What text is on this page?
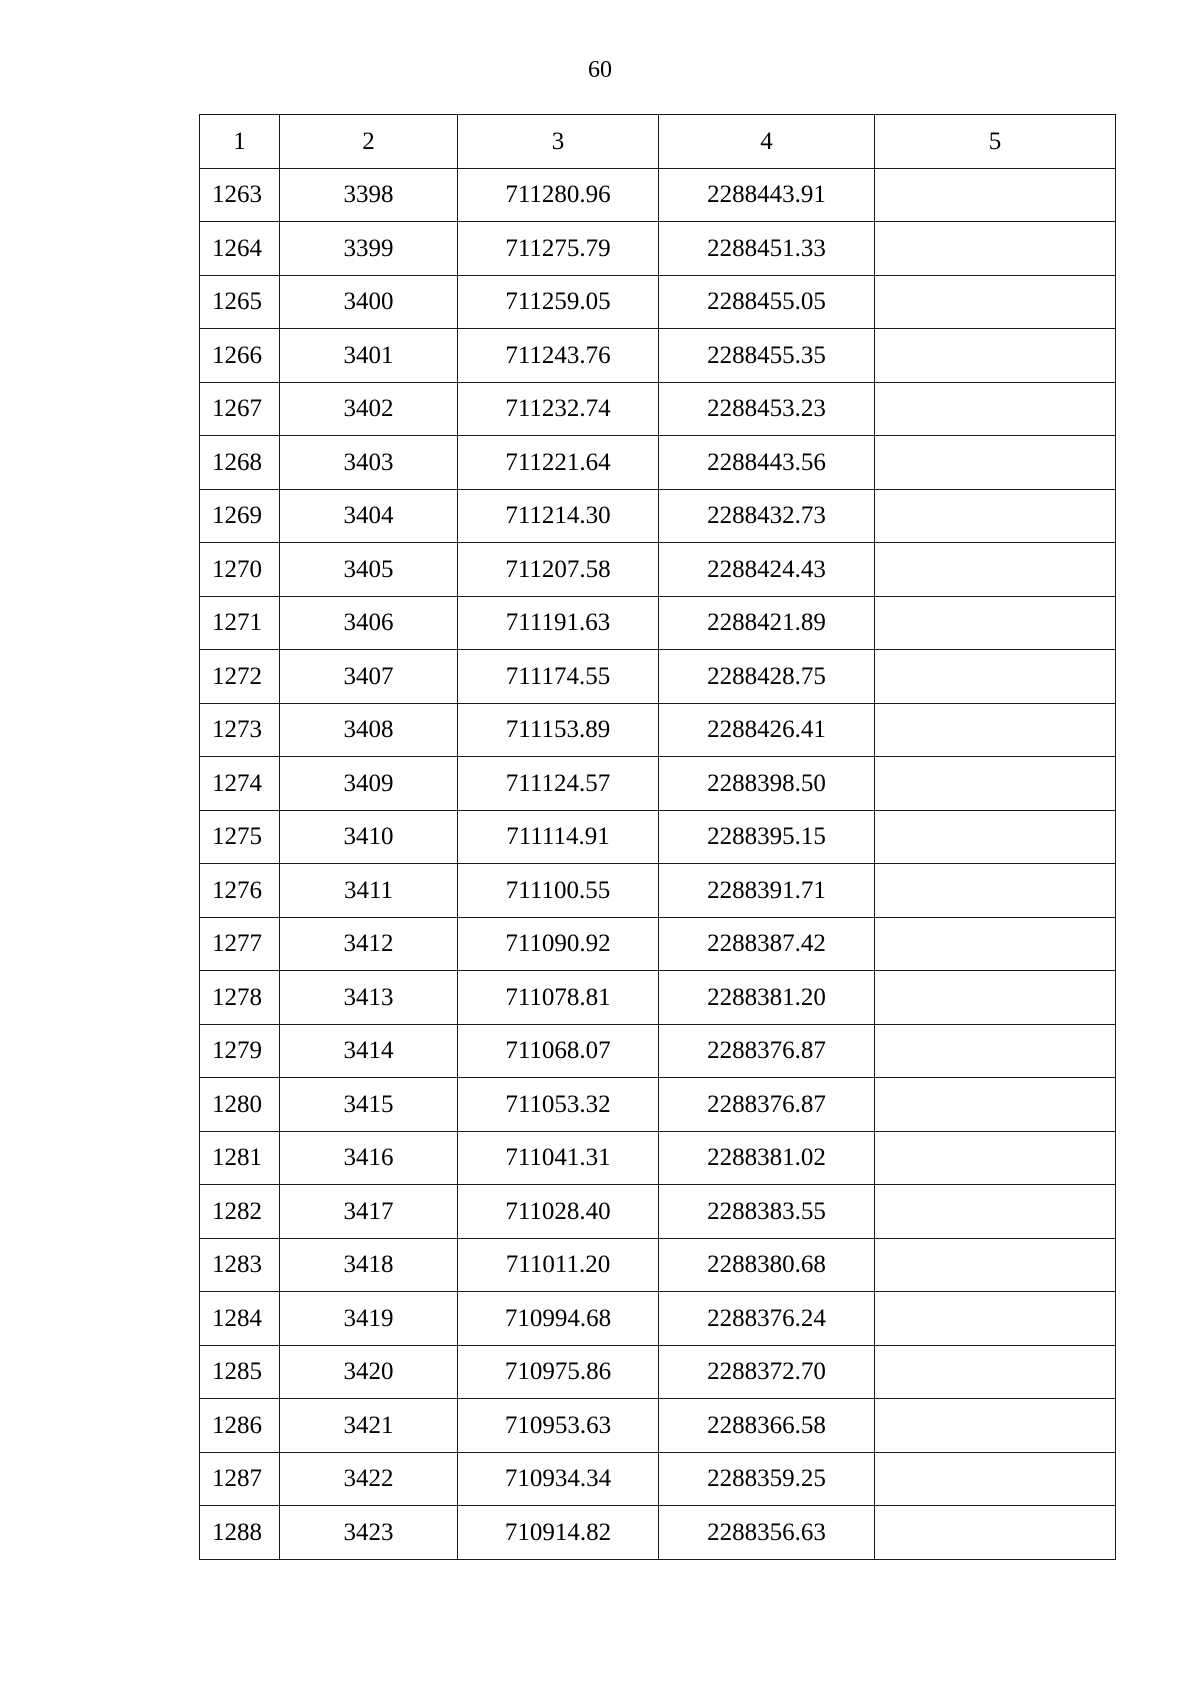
60
1	2	3	4	5
1263	3398	711280.96	2288443.91	
1264	3399	711275.79	2288451.33	
1265	3400	711259.05	2288455.05	
1266	3401	711243.76	2288455.35	
1267	3402	711232.74	2288453.23	
1268	3403	711221.64	2288443.56	
1269	3404	711214.30	2288432.73	
1270	3405	711207.58	2288424.43	
1271	3406	711191.63	2288421.89	
1272	3407	711174.55	2288428.75	
1273	3408	711153.89	2288426.41	
1274	3409	711124.57	2288398.50	
1275	3410	711114.91	2288395.15	
1276	3411	711100.55	2288391.71	
1277	3412	711090.92	2288387.42	
1278	3413	711078.81	2288381.20	
1279	3414	711068.07	2288376.87	
1280	3415	711053.32	2288376.87	
1281	3416	711041.31	2288381.02	
1282	3417	711028.40	2288383.55	
1283	3418	711011.20	2288380.68	
1284	3419	710994.68	2288376.24	
1285	3420	710975.86	2288372.70	
1286	3421	710953.63	2288366.58	
1287	3422	710934.34	2288359.25	
1288	3423	710914.82	2288356.63	
